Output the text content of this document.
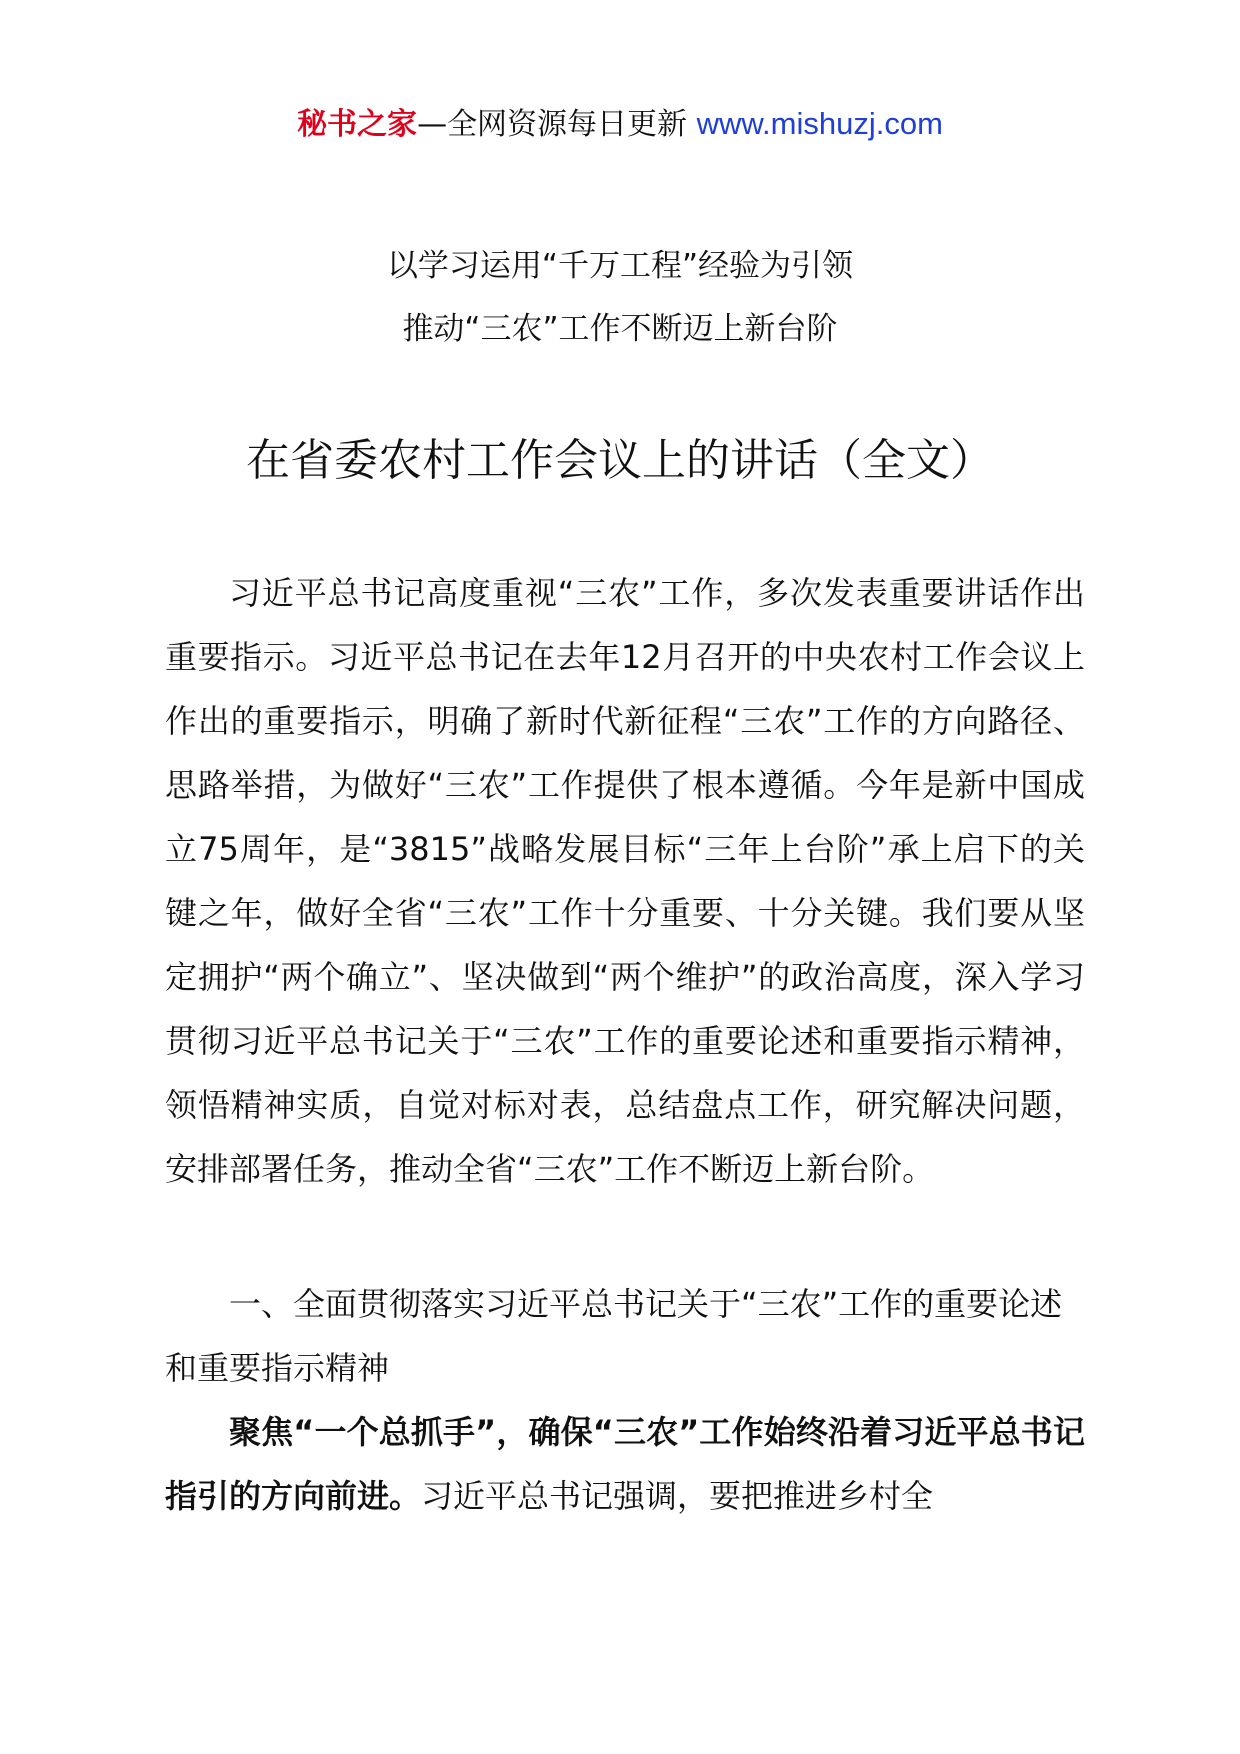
秘书之家—全网资源每日更新 www.mishuzj.com
以学习运用“千万工程”经验为引领
推动“三农”工作不断迈上新台阶
在省委农村工作会议上的讲话（全文）
习近平总书记高度重视“三农”工作，多次发表重要讲话作出重要指示。习近平总书记在去年12月召开的中央农村工作会议上作出的重要指示，明确了新时代新征程“三农”工作的方向路径、思路举措，为做好“三农”工作提供了根本遵循。今年是新中国成立75周年，是“3815”战略发展目标“三年上台阶”承上启下的关键之年，做好全省“三农”工作十分重要、十分关键。我们要从坚定拥护“两个确立”、坚决做到“两个维护”的政治高度，深入学习贯彻习近平总书记关于“三农”工作的重要论述和重要指示精神，领悟精神实质，自觉对标对表，总结盘点工作，研究解决问题，安排部署任务，推动全省“三农”工作不断迈上新台阶。
一、全面贯彻落实习近平总书记关于“三农”工作的重要论述和重要指示精神
聚焦“一个总抓手”，确保“三农”工作始终沿着习近平总书记指引的方向前进。习近平总书记强调，要把推进乡村全
